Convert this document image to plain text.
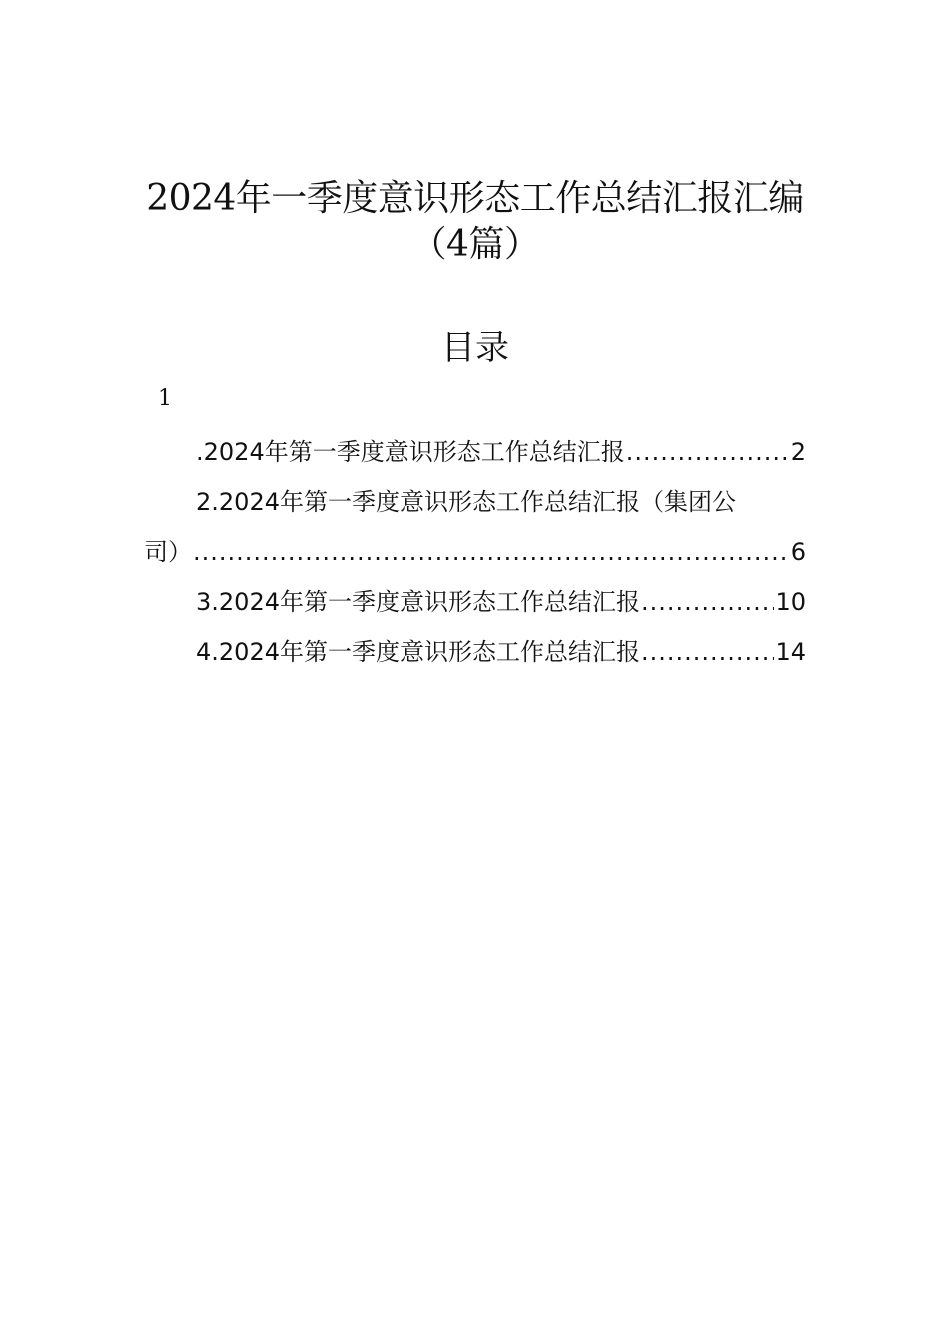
2024年一季度意识形态工作总结汇报汇编
（4篇）
目录
1
.2024年第一季度意识形态工作总结汇报 .....	2
2.2024年第一季度意识形态工作总结汇报（集团公
司） .....	6
3.2024年第一季度意识形态工作总结汇报 .....	10
4.2024年第一季度意识形态工作总结汇报 .....	14
